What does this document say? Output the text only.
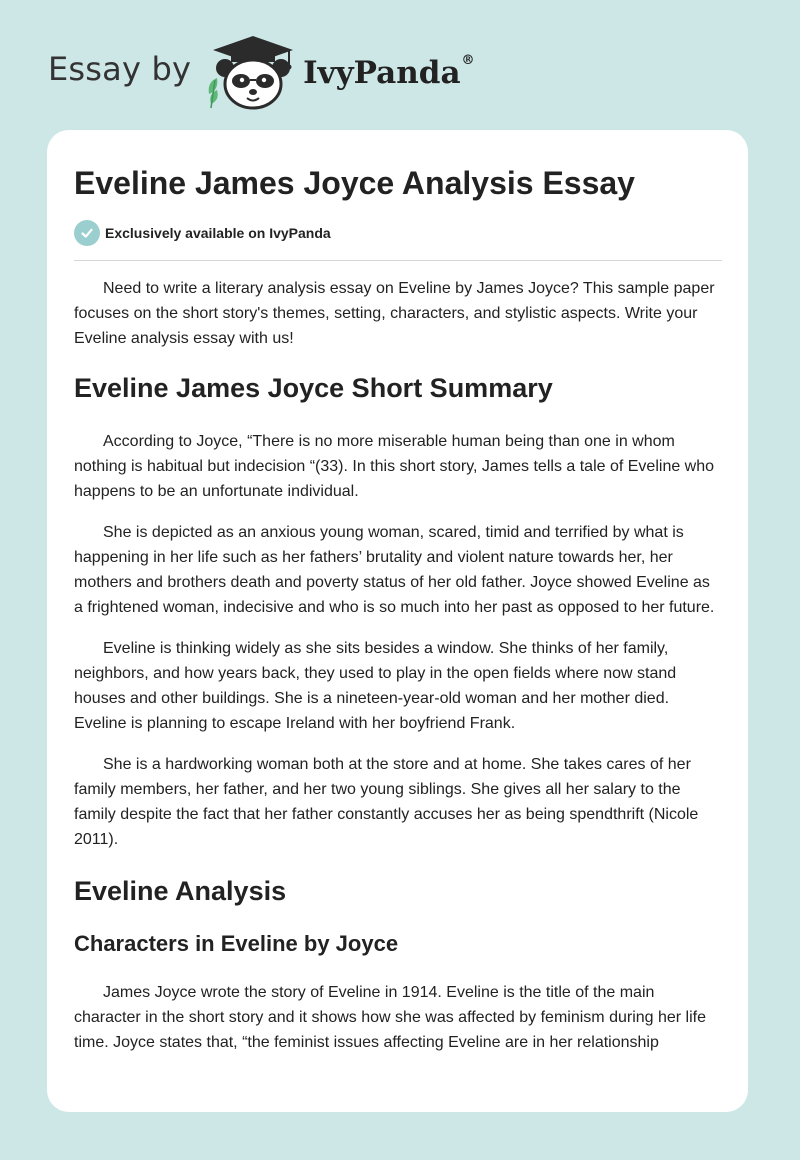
Essay by	IvyPanda®
Eveline James Joyce Analysis Essay
Exclusively available on IvyPanda

Need to write a literary analysis essay on Eveline by James Joyce? This sample paper focuses on the short story's themes, setting, characters, and stylistic aspects. Write your Eveline analysis essay with us!

Eveline James Joyce Short Summary

According to Joyce, “There is no more miserable human being than one in whom nothing is habitual but indecision “(33). In this short story, James tells a tale of Eveline who happens to be an unfortunate individual.

She is depicted as an anxious young woman, scared, timid and terrified by what is happening in her life such as her fathers’ brutality and violent nature towards her, her mothers and brothers death and poverty status of her old father. Joyce showed Eveline as a frightened woman, indecisive and who is so much into her past as opposed to her future.

Eveline is thinking widely as she sits besides a window. She thinks of her family, neighbors, and how years back, they used to play in the open fields where now stand houses and other buildings. She is a nineteen-year-old woman and her mother died. Eveline is planning to escape Ireland with her boyfriend Frank.

She is a hardworking woman both at the store and at home. She takes cares of her family members, her father, and her two young siblings. She gives all her salary to the family despite the fact that her father constantly accuses her as being spendthrift (Nicole 2011).

Eveline Analysis
Characters in Eveline by Joyce

James Joyce wrote the story of Eveline in 1914. Eveline is the title of the main character in the short story and it shows how she was affected by feminism during her life time. Joyce states that, “the feminist issues affecting Eveline are in her relationship
